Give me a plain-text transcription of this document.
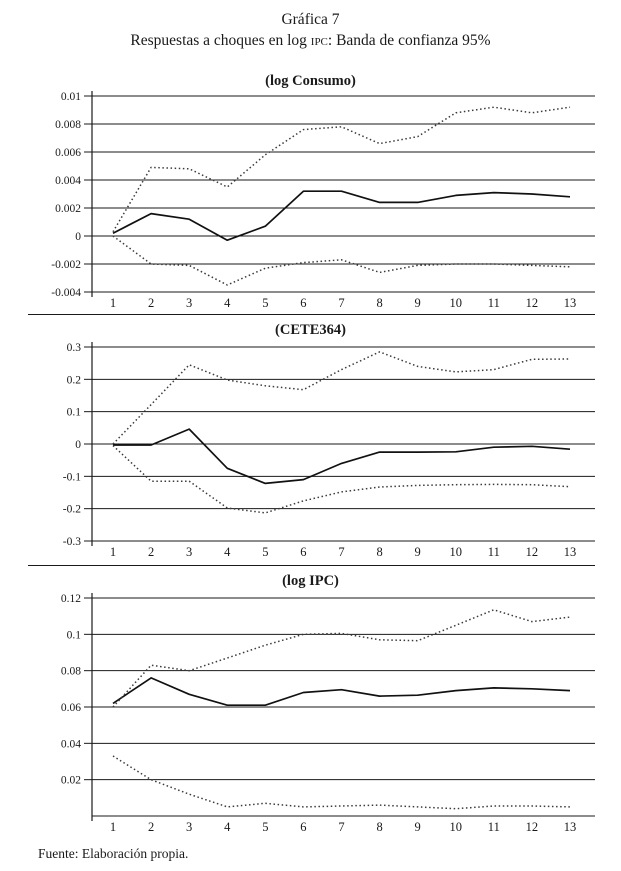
Gráfica 7
Respuestas a choques en log ipc: Banda de confianza 95%
(log Consumo)
0.01
0.008
0.006
0.004
0.002
0
-0.002
-0.004
1	2	3	4	5	6	7	8	9 10 11 12 13
(CETE364)
0.3
0.2
0.1
0
-0.1
-0.2
-0.3
1	2	3	4	5	6	7	8	9 10 11 12 13
(log IPC)
0.12
0.1
0.08
0.06
0.04
0.02
1	2	3	4	5	6	7	8	9 10 11 12 13
Fuente: Elaboración propia.
